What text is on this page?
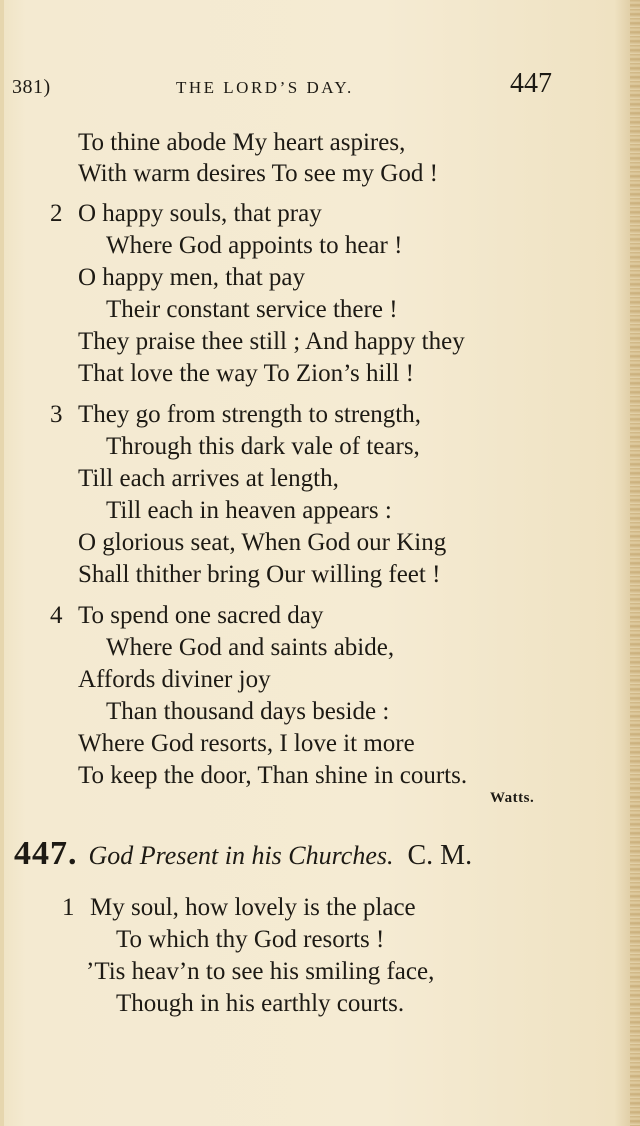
381)	THE LORD’S DAY.	447
To thine abode My heart aspires,
With warm desires To see my God !
2 O happy souls, that pray
Where God appoints to hear !
O happy men, that pay
Their constant service there !
They praise thee still ; And happy they
That love the way To Zion’s hill !
3 They go from strength to strength,
Through this dark vale of tears,
Till each arrives at length,
Till each in heaven appears :
O glorious seat, When God our King
Shall thither bring Our willing feet !
4 To spend one sacred day
Where God and saints abide,
Affords diviner joy
Than thousand days beside :
Where God resorts, I love it more
To keep the door, Than shine in courts.
Watts.
447. God Present in his Churches. C. M.
1 My soul, how lovely is the place
To which thy God resorts !
’Tis heav’n to see his smiling face,
Though in his earthly courts.
